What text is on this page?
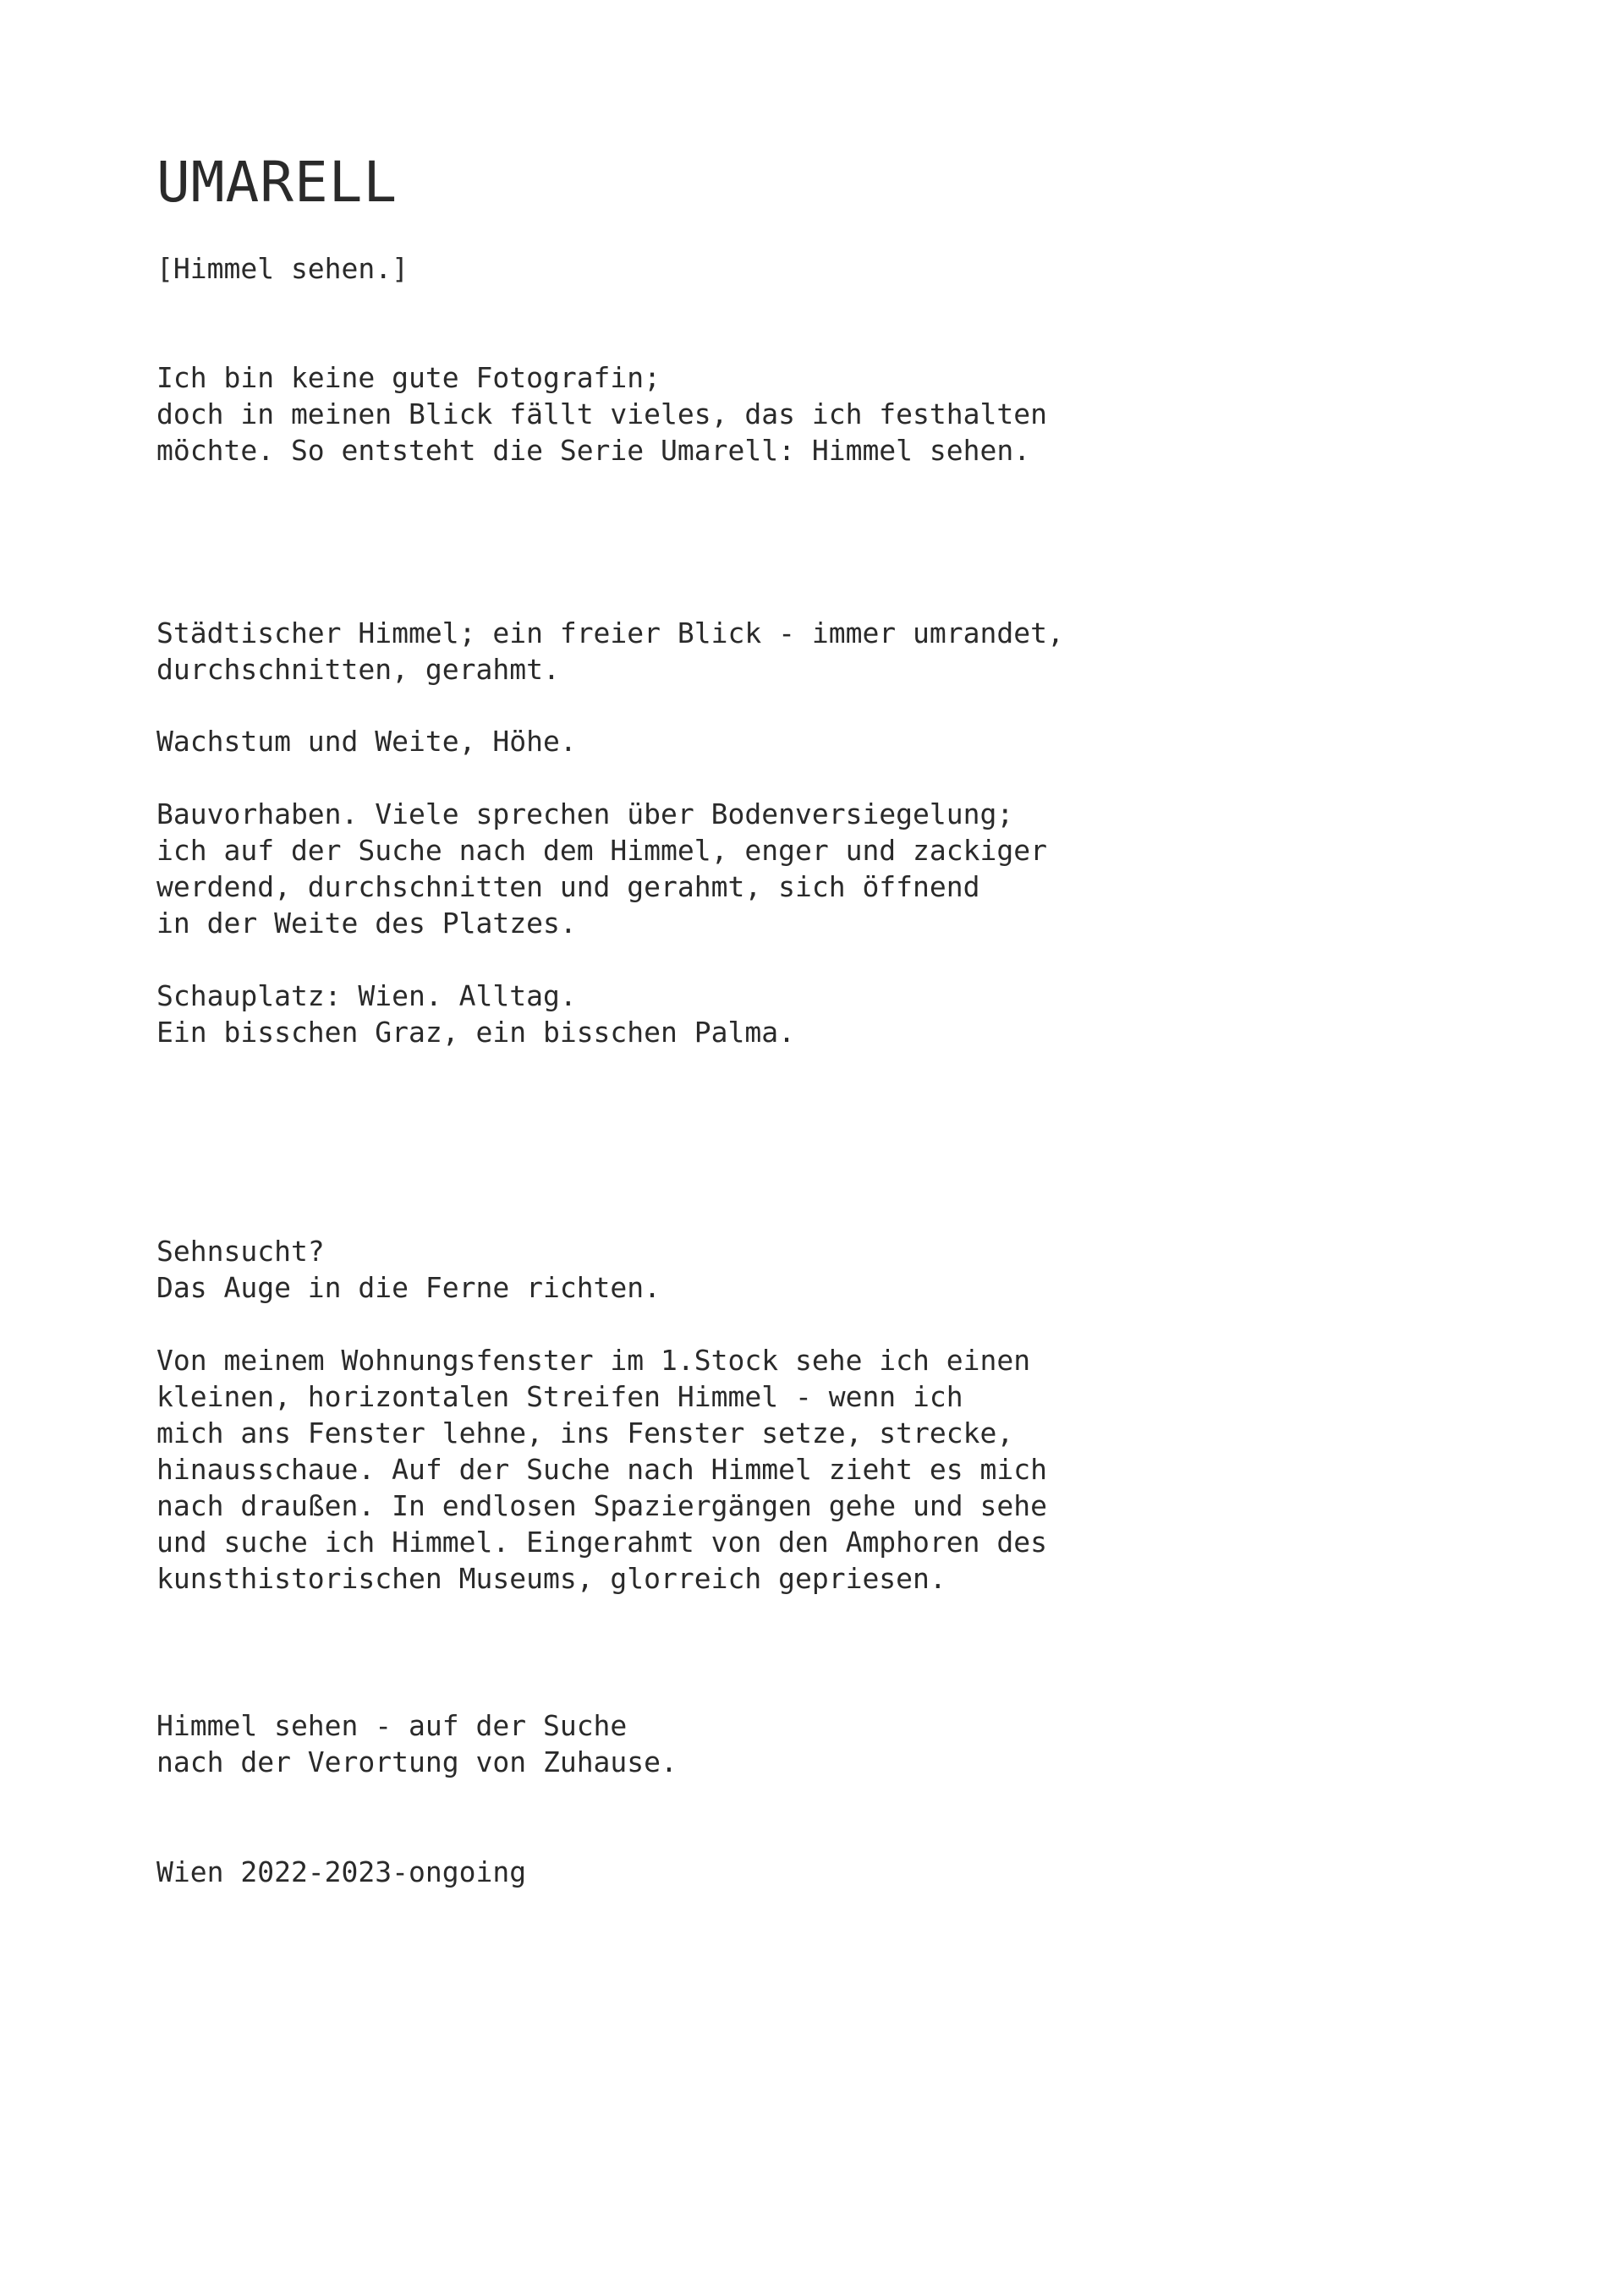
UMARELL

[Himmel sehen.]

Ich bin keine gute Fotografin;
doch in meinen Blick fällt vieles, das ich festhalten
möchte. So entsteht die Serie Umarell: Himmel sehen.

Städtischer Himmel; ein freier Blick - immer umrandet,
durchschnitten, gerahmt.

Wachstum und Weite, Höhe.

Bauvorhaben. Viele sprechen über Bodenversiegelung;
ich auf der Suche nach dem Himmel, enger und zackiger
werdend, durchschnitten und gerahmt, sich öffnend
in der Weite des Platzes.

Schauplatz: Wien. Alltag.
Ein bisschen Graz, ein bisschen Palma.

Sehnsucht?
Das Auge in die Ferne richten.

Von meinem Wohnungsfenster im 1.Stock sehe ich einen
kleinen, horizontalen Streifen Himmel - wenn ich
mich ans Fenster lehne, ins Fenster setze, strecke,
hinausschaue. Auf der Suche nach Himmel zieht es mich
nach draußen. In endlosen Spaziergängen gehe und sehe
und suche ich Himmel. Eingerahmt von den Amphoren des
kunsthistorischen Museums, glorreich gepriesen.

Himmel sehen - auf der Suche
nach der Verortung von Zuhause.

Wien 2022-2023-ongoing
